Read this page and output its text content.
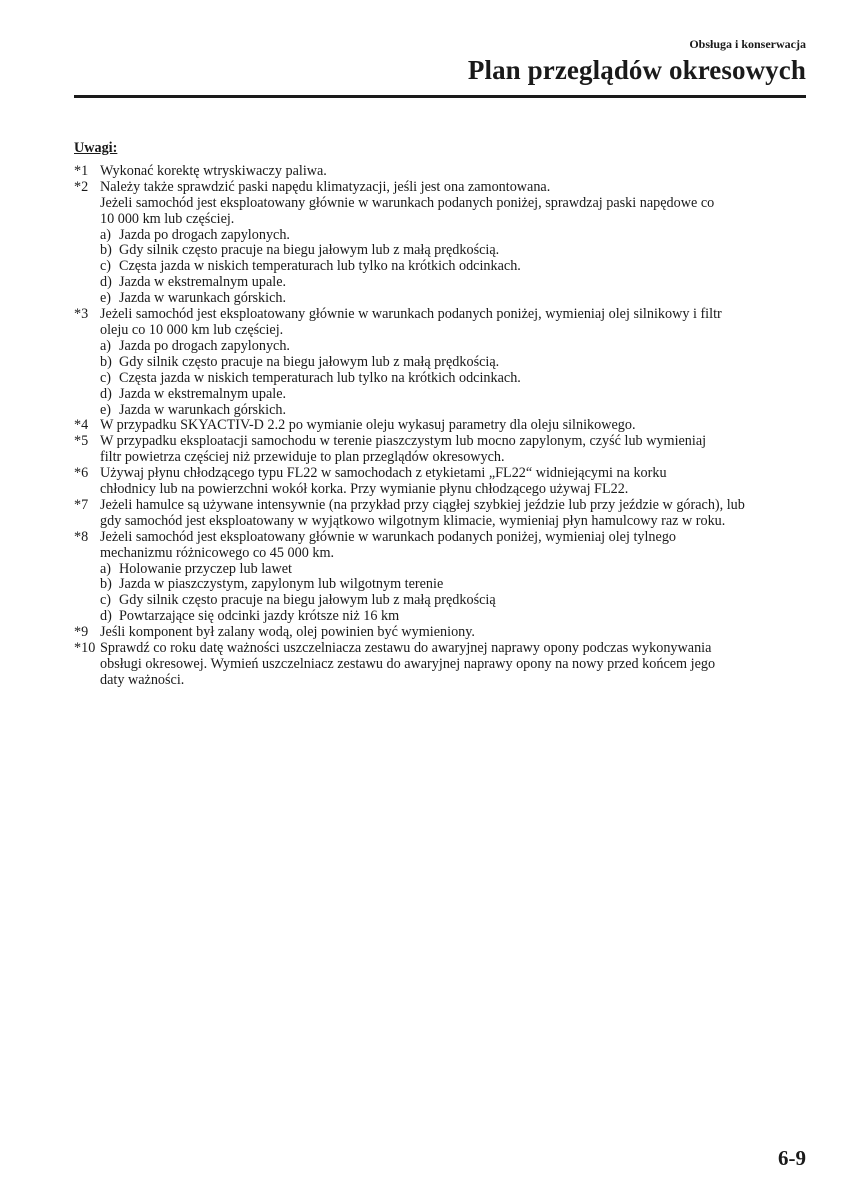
Obsługa i konserwacja
Plan przeglądów okresowych
Uwagi:
*1 Wykonać korektę wtryskiwaczy paliwa.
*2 Należy także sprawdzić paski napędu klimatyzacji, jeśli jest ona zamontowana.
Jeżeli samochód jest eksploatowany głównie w warunkach podanych poniżej, sprawdzaj paski napędowe co
10 000 km lub częściej.
a) Jazda po drogach zapylonych.
b) Gdy silnik często pracuje na biegu jałowym lub z małą prędkością.
c) Częsta jazda w niskich temperaturach lub tylko na krótkich odcinkach.
d) Jazda w ekstremalnym upale.
e) Jazda w warunkach górskich.
*3 Jeżeli samochód jest eksploatowany głównie w warunkach podanych poniżej, wymieniaj olej silnikowy i filtr
oleju co 10 000 km lub częściej.
a) Jazda po drogach zapylonych.
b) Gdy silnik często pracuje na biegu jałowym lub z małą prędkością.
c) Częsta jazda w niskich temperaturach lub tylko na krótkich odcinkach.
d) Jazda w ekstremalnym upale.
e) Jazda w warunkach górskich.
*4 W przypadku SKYACTIV-D 2.2 po wymianie oleju wykasuj parametry dla oleju silnikowego.
*5 W przypadku eksploatacji samochodu w terenie piaszczystym lub mocno zapylonym, czyść lub wymieniaj
filtr powietrza częściej niż przewiduje to plan przeglądów okresowych.
*6 Używaj płynu chłodzącego typu FL22 w samochodach z etykietami „FL22“ widniejącymi na korku
chłodnicy lub na powierzchni wokół korka. Przy wymianie płynu chłodzącego używaj FL22.
*7 Jeżeli hamulce są używane intensywnie (na przykład przy ciągłej szybkiej jeździe lub przy jeździe w górach), lub
gdy samochód jest eksploatowany w wyjątkowo wilgotnym klimacie, wymieniaj płyn hamulcowy raz w roku.
*8 Jeżeli samochód jest eksploatowany głównie w warunkach podanych poniżej, wymieniaj olej tylnego
mechanizmu różnicowego co 45 000 km.
a) Holowanie przyczep lub lawet
b) Jazda w piaszczystym, zapylonym lub wilgotnym terenie
c) Gdy silnik często pracuje na biegu jałowym lub z małą prędkością
d) Powtarzające się odcinki jazdy krótsze niż 16 km
*9 Jeśli komponent był zalany wodą, olej powinien być wymieniony.
*10 Sprawdź co roku datę ważności uszczelniacza zestawu do awaryjnej naprawy opony podczas wykonywania
obsługi okresowej. Wymień uszczelniacz zestawu do awaryjnej naprawy opony na nowy przed końcem jego
daty ważności.
6-9
